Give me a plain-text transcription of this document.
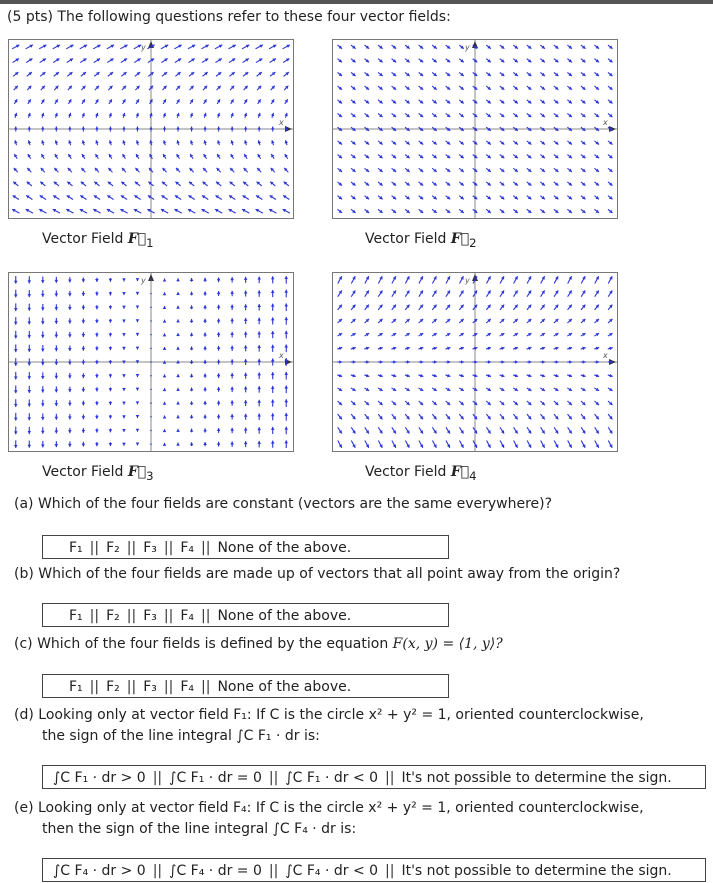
(5 pts) The following questions refer to these four vector fields:
x
y
x
y
x
y
x
y
Vector Field $F⃗_1$	Vector Field $F⃗_2$
Vector Field $F⃗_3$	Vector Field $F⃗_4$
(a) Which of the four fields are constant (vectors are the same everywhere)?
F₁ || F₂ || F₃ || F₄ || None of the above.
(b) Which of the four fields are made up of vectors that all point away from the origin?
F₁ || F₂ || F₃ || F₄ || None of the above.
(c) Which of the four fields is defined by the equation F(x, y) = ⟨1, y⟩?
F₁ || F₂ || F₃ || F₄ || None of the above.
(d) Looking only at vector field F₁: If C is the circle x² + y² = 1, oriented counterclockwise,
the sign of the line integral ∫C F₁ · dr is:
∫C F₁ · dr > 0 || ∫C F₁ · dr = 0 || ∫C F₁ · dr < 0 || It's not possible to determine the sign.
(e) Looking only at vector field F₄: If C is the circle x² + y² = 1, oriented counterclockwise,
then the sign of the line integral ∫C F₄ · dr is:
∫C F₄ · dr > 0 || ∫C F₄ · dr = 0 || ∫C F₄ · dr < 0 || It's not possible to determine the sign.
